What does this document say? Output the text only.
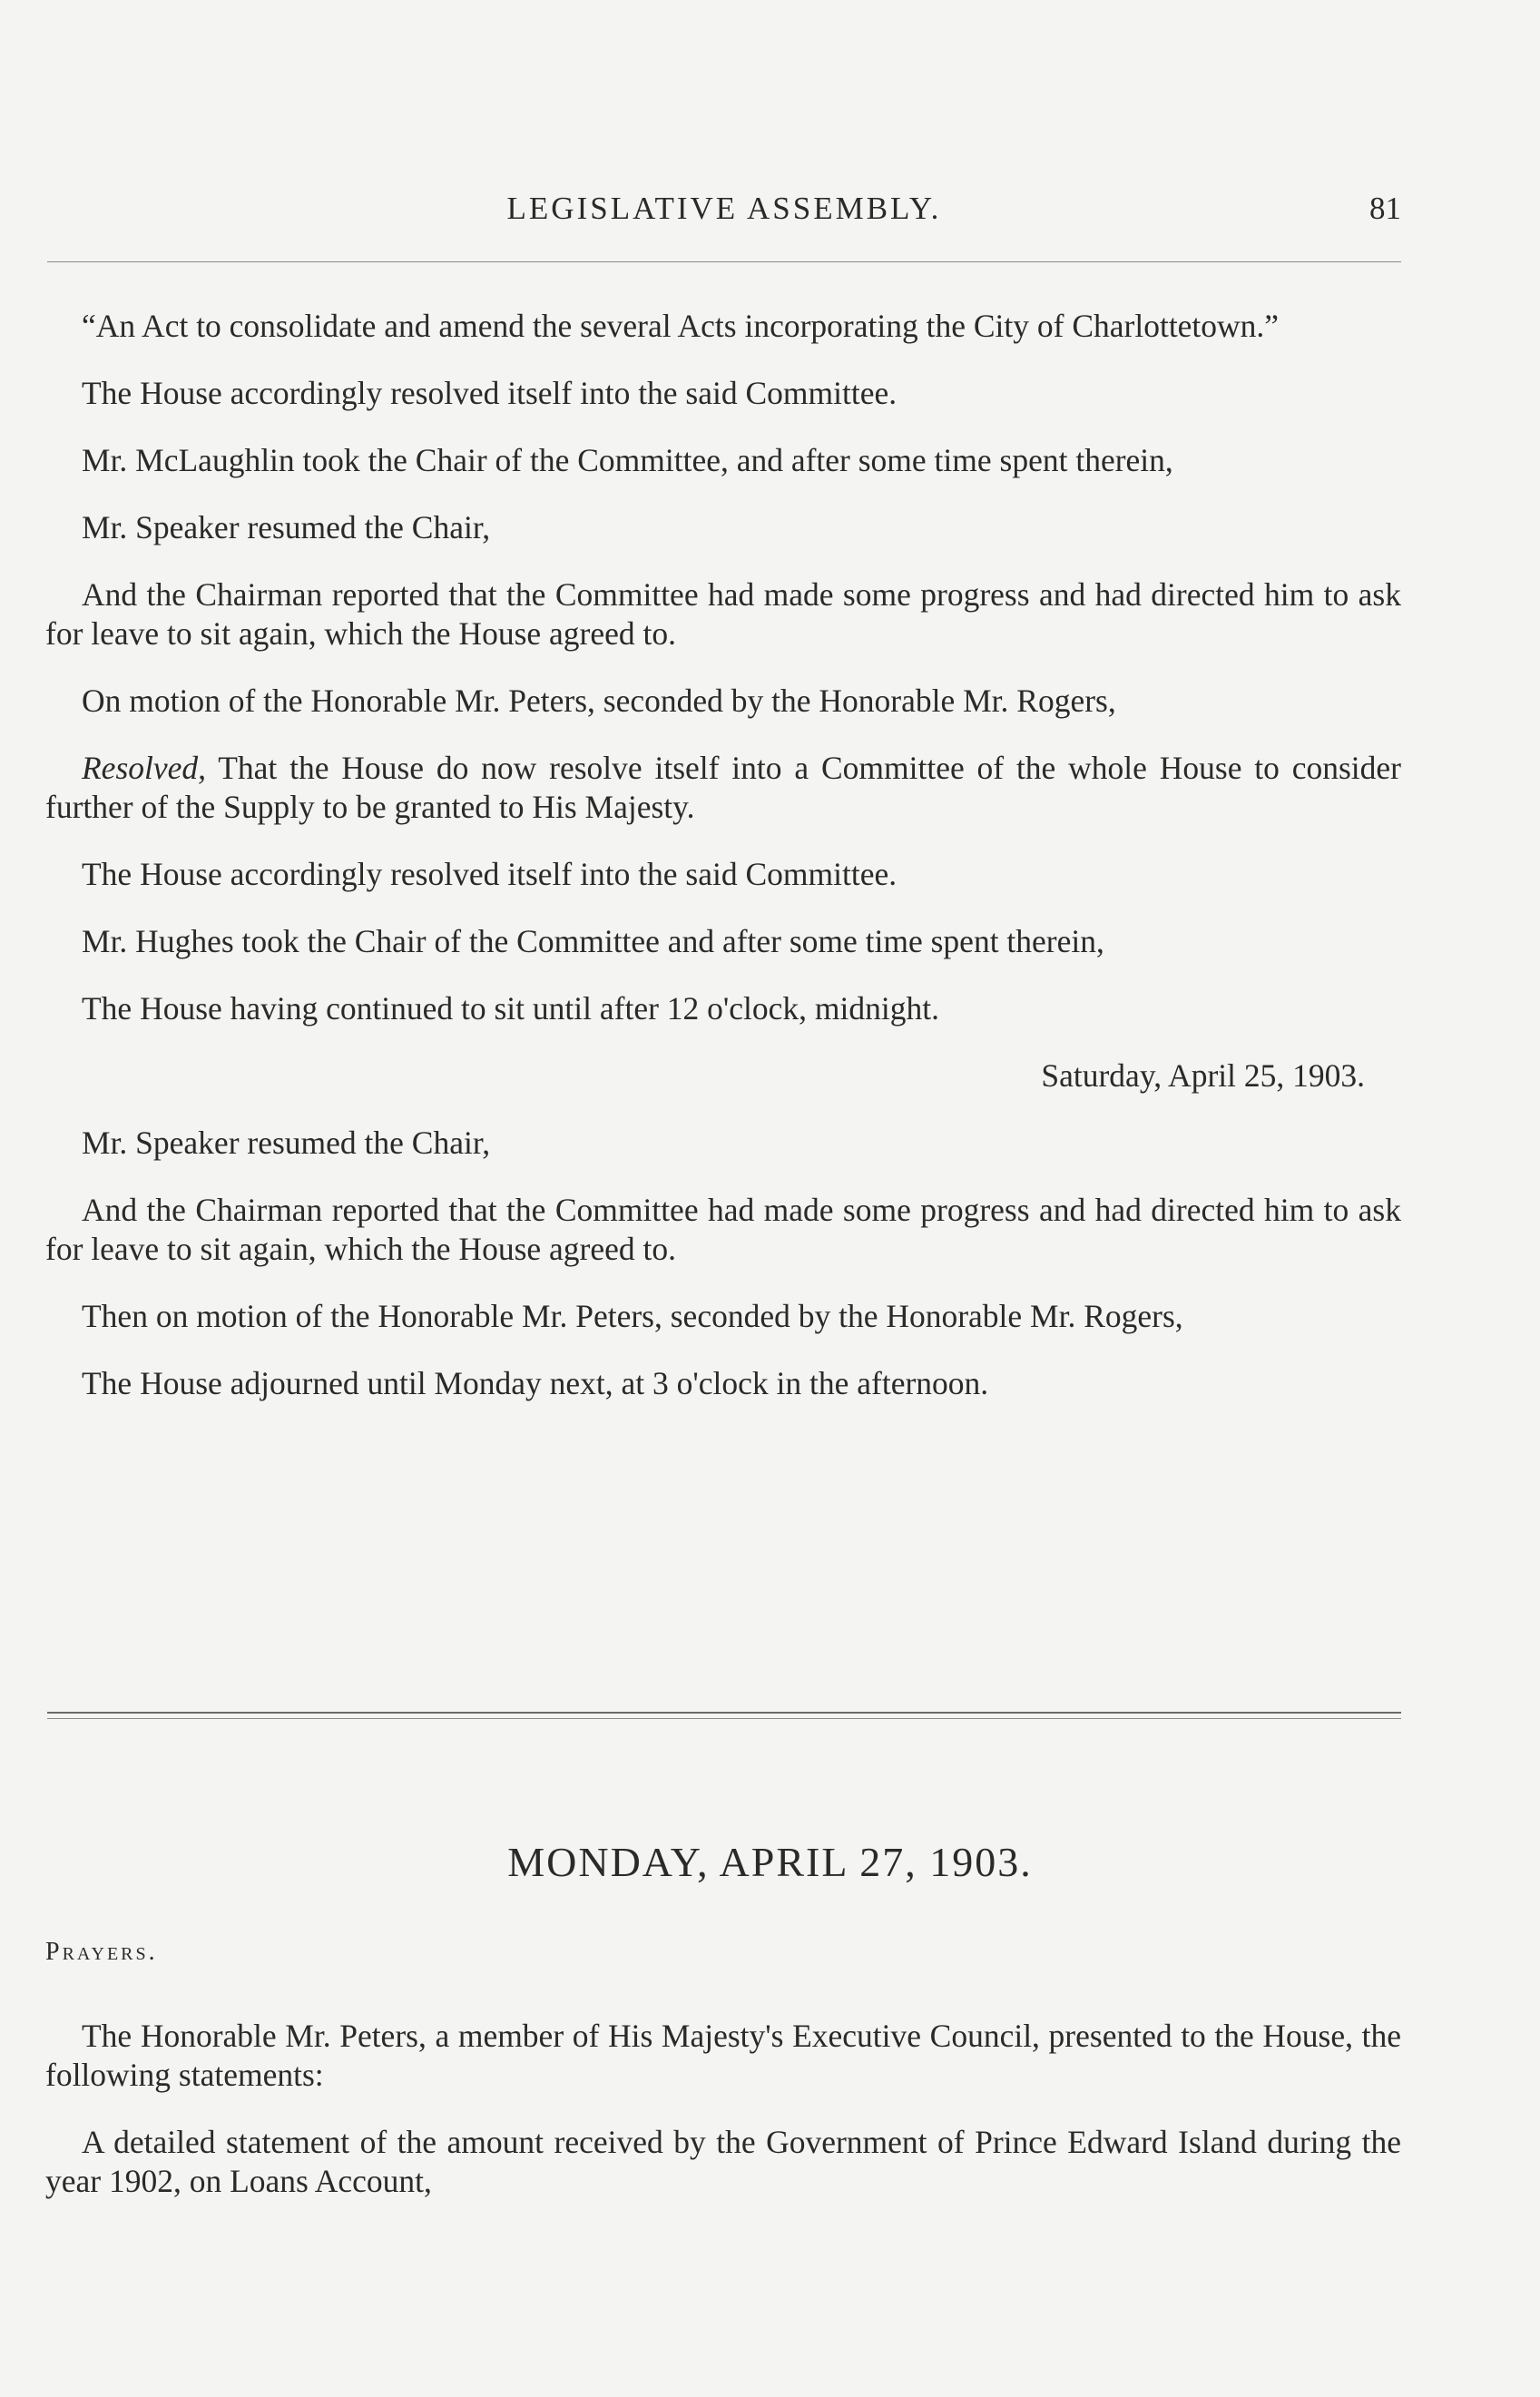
LEGISLATIVE ASSEMBLY.	81

“An Act to consolidate and amend the several Acts incorporating the City of Charlottetown.”

The House accordingly resolved itself into the said Committee.

Mr. McLaughlin took the Chair of the Committee, and after some time spent therein,

Mr. Speaker resumed the Chair,

And the Chairman reported that the Committee had made some progress and had directed him to ask for leave to sit again, which the House agreed to.

On motion of the Honorable Mr. Peters, seconded by the Honorable Mr. Rogers,

Resolved, That the House do now resolve itself into a Committee of the whole House to consider further of the Supply to be granted to His Majesty.

The House accordingly resolved itself into the said Committee.

Mr. Hughes took the Chair of the Committee and after some time spent therein,

The House having continued to sit until after 12 o'clock, midnight.

Saturday, April 25, 1903.

Mr. Speaker resumed the Chair,

And the Chairman reported that the Committee had made some progress and had directed him to ask for leave to sit again, which the House agreed to.

Then on motion of the Honorable Mr. Peters, seconded by the Honorable Mr. Rogers,

The House adjourned until Monday next, at 3 o'clock in the afternoon.

MONDAY, APRIL 27, 1903.
Prayers.

The Honorable Mr. Peters, a member of His Majesty's Executive Council, presented to the House, the following statements:

A detailed statement of the amount received by the Government of Prince Edward Island during the year 1902, on Loans Account,
